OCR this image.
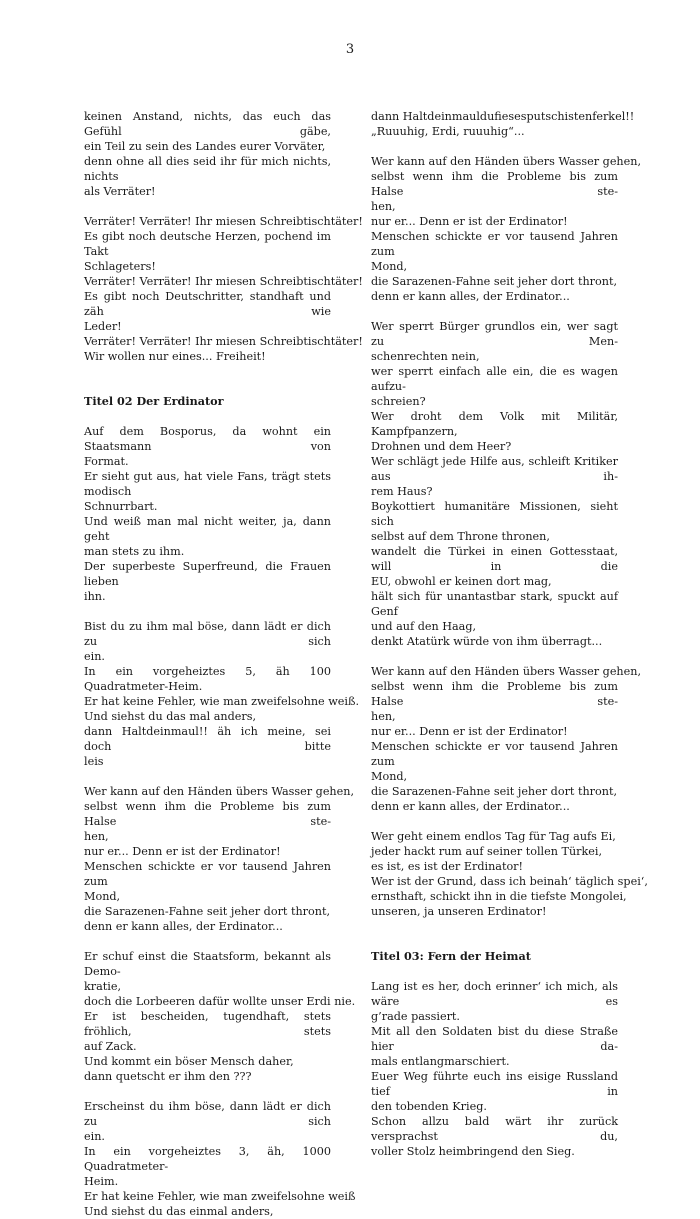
3
keinen Anstand, nichts, das euch das Gefühl gäbe,
ein Teil zu sein des Landes eurer Vorväter,
denn ohne all dies seid ihr für mich nichts, nichts
als Verräter!
Verräter! Verräter! Ihr miesen Schreibtischtäter!
Es gibt noch deutsche Herzen, pochend im Takt
Schlageters!
Verräter! Verräter! Ihr miesen Schreibtischtäter!
Es gibt noch Deutschritter, standhaft und zäh wie
Leder!
Verräter! Verräter! Ihr miesen Schreibtischtäter!
Wir wollen nur eines... Freiheit!
Titel 02 Der Erdinator
Auf dem Bosporus, da wohnt ein Staatsmann von
Format.
Er sieht gut aus, hat viele Fans, trägt stets modisch
Schnurrbart.
Und weiß man mal nicht weiter, ja, dann geht
man stets zu ihm.
Der superbeste Superfreund, die Frauen lieben
ihn.
Bist du zu ihm mal böse, dann lädt er dich zu sich
ein.
In ein vorgeheiztes 5, äh 100 Quadratmeter-Heim.
Er hat keine Fehler, wie man zweifelsohne weiß.
Und siehst du das mal anders,
dann Haltdeinmaul!! äh ich meine, sei doch bitte
leis
Wer kann auf den Händen übers Wasser gehen,
selbst wenn ihm die Probleme bis zum Halse ste-
hen,
nur er... Denn er ist der Erdinator!
Menschen schickte er vor tausend Jahren zum
Mond,
die Sarazenen-Fahne seit jeher dort thront,
denn er kann alles, der Erdinator...
Er schuf einst die Staatsform, bekannt als Demo-
kratie,
doch die Lorbeeren dafür wollte unser Erdi nie.
Er ist bescheiden, tugendhaft, stets fröhlich, stets
auf Zack.
Und kommt ein böser Mensch daher,
dann quetscht er ihm den ???
Erscheinst du ihm böse, dann lädt er dich zu sich
ein.
In ein vorgeheiztes 3, äh, 1000 Quadratmeter-
Heim.
Er hat keine Fehler, wie man zweifelsohne weiß
Und siehst du das einmal anders,
dann Haltdeinmauldufiesesputschistenferkel!!
„Ruuuhig, Erdi, ruuuhig“...
Wer kann auf den Händen übers Wasser gehen,
selbst wenn ihm die Probleme bis zum Halse ste-
hen,
nur er... Denn er ist der Erdinator!
Menschen schickte er vor tausend Jahren zum
Mond,
die Sarazenen-Fahne seit jeher dort thront,
denn er kann alles, der Erdinator...
Wer sperrt Bürger grundlos ein, wer sagt zu Men-
schenrechten nein,
wer sperrt einfach alle ein, die es wagen aufzu-
schreien?
Wer droht dem Volk mit Militär, Kampfpanzern,
Drohnen und dem Heer?
Wer schlägt jede Hilfe aus, schleift Kritiker aus ih-
rem Haus?
Boykottiert humanitäre Missionen, sieht sich
selbst auf dem Throne thronen,
wandelt die Türkei in einen Gottesstaat, will in die
EU, obwohl er keinen dort mag,
hält sich für unantastbar stark, spuckt auf Genf
und auf den Haag,
denkt Atatürk würde von ihm überragt...
Wer kann auf den Händen übers Wasser gehen,
selbst wenn ihm die Probleme bis zum Halse ste-
hen,
nur er... Denn er ist der Erdinator!
Menschen schickte er vor tausend Jahren zum
Mond,
die Sarazenen-Fahne seit jeher dort thront,
denn er kann alles, der Erdinator...
Wer geht einem endlos Tag für Tag aufs Ei,
jeder hackt rum auf seiner tollen Türkei,
es ist, es ist der Erdinator!
Wer ist der Grund, dass ich beinah‘ täglich spei‘,
ernsthaft, schickt ihn in die tiefste Mongolei,
unseren, ja unseren Erdinator!
Titel 03: Fern der Heimat
Lang ist es her, doch erinner‘ ich mich, als wäre es
g’rade passiert.
Mit all den Soldaten bist du diese Straße hier da-
mals entlangmarschiert.
Euer Weg führte euch ins eisige Russland tief in
den tobenden Krieg.
Schon allzu bald wärt ihr zurück versprachst du,
voller Stolz heimbringend den Sieg.
